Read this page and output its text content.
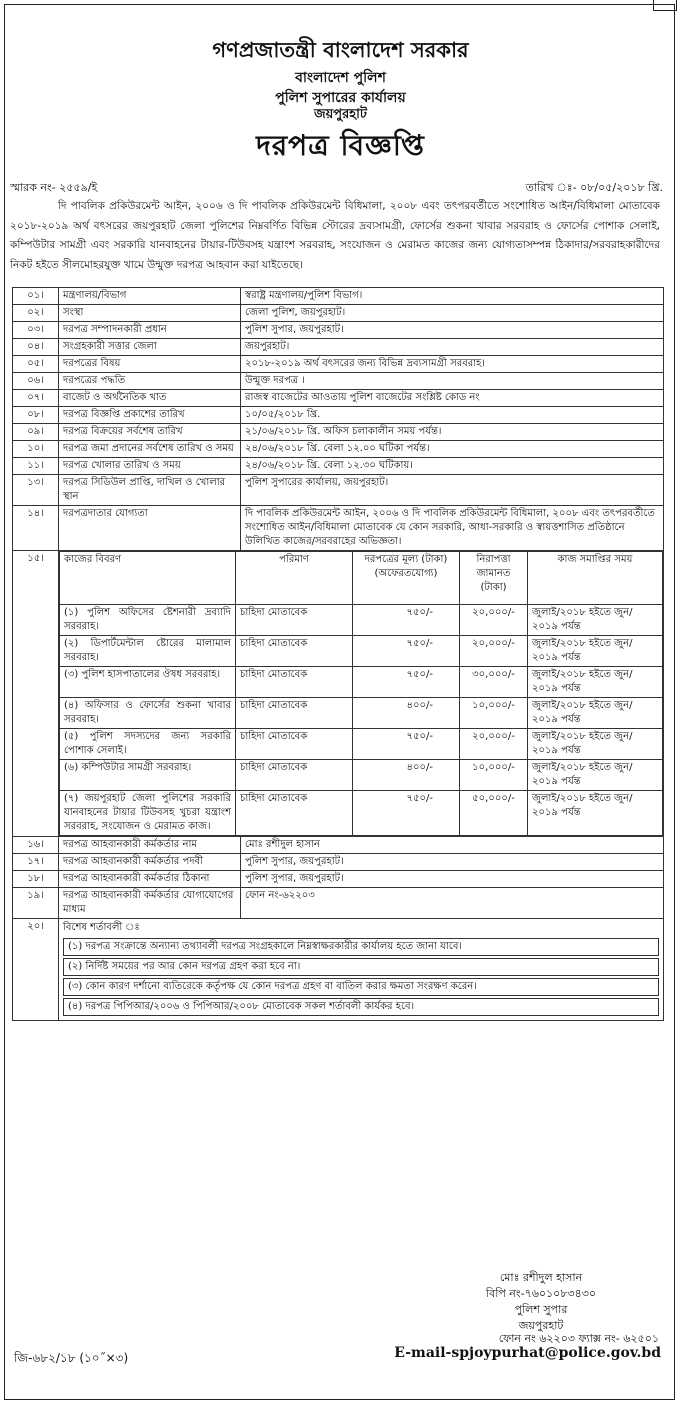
গণপ্রজাতন্ত্রী বাংলাদেশ সরকার
বাংলাদেশ পুলিশ
পুলিশ সুপারের কার্যালয়
জয়পুরহাট
দরপত্র বিজ্ঞপ্তি
স্মারক নং- ২৫৫৯/ই	তারিখ ঃ- ০৮/০৫/২০১৮ খ্রি.
দি পাবলিক প্রকিউরমেন্ট আইন, ২০০৬ ও দি পাবলিক প্রকিউরমেন্ট বিধিমালা, ২০০৮ এবং তৎপরবর্তীতে সংশোধিত আইন/বিধিমালা মোতাবেক ২০১৮-২০১৯ অর্থ বৎসরের জয়পুরহাট জেলা পুলিশের নিম্নবর্ণিত বিভিন্ন স্টোরের দ্রব্যসামগ্রী, ফোর্সের শুকনা খাবার সরবরাহ ও ফোর্সের পোশাক সেলাই, কম্পিউটার সামগ্রী এবং সরকারি যানবাহনের টায়ার-টিউবসহ যন্ত্রাংশ সরবরাহ, সংযোজন ও মেরামত কাজের জন্য যোগ্যতাসম্পন্ন ঠিকাদার/সরবরাহকারীদের নিকট হইতে সীলমোহরযুক্ত খামে উন্মুক্ত দরপত্র আহবান করা যাইতেছে।
০১।	মন্ত্রণালয়/বিভাগ	স্বরাষ্ট্র মন্ত্রণালয়/পুলিশ বিভাগ।
০২।	সংস্থা	জেলা পুলিশ, জয়পুরহাট।
০৩।	দরপত্র সম্পাদনকারী প্রধান	পুলিশ সুপার, জয়পুরহাট।
০৪।	সংগ্রহকারী সত্তার জেলা	জয়পুরহাট।
০৫।	দরপত্রের বিষয়	২০১৮-২০১৯ অর্থ বৎসরের জন্য বিভিন্ন দ্রব্যসামগ্রী সরবরাহ।
০৬।	দরপত্রের পদ্ধতি	উন্মুক্ত দরপত্র ।
০৭।	বাজেট ও অর্থনৈতিক খাত	রাজস্ব বাজেটের আওতায় পুলিশ বাজেটের সংশ্লিষ্ট কোড নং
০৮।	দরপত্র বিজ্ঞপ্তি প্রকাশের তারিখ	১০/০৫/২০১৮ খ্রি.
০৯।	দরপত্র বিক্রয়ের সর্বশেষ তারিখ	২১/০৬/২০১৮ খ্রি. অফিস চলাকালীন সময় পর্যন্ত।
১০।	দরপত্র জমা প্রদানের সর্বশেষ তারিখ ও সময়	২৪/০৬/২০১৮ খ্রি. বেলা ১২.০০ ঘটিকা পর্যন্ত।
১১।	দরপত্র খোলার তারিখ ও সময়	২৪/০৬/২০১৮ খ্রি. বেলা ১২.৩০ ঘটিকায়।
১৩।	দরপত্র সিডিউল প্রাপ্তি, দাখিল ও খোলার স্থান	পুলিশ সুপারের কার্যালয়, জয়পুরহাট।
১৪।	দরপত্রদাতার যোগ্যতা	দি পাবলিক প্রকিউরমেন্ট আইন, ২০০৬ ও দি পাবলিক প্রকিউরমেন্ট বিধিমালা, ২০০৮ এবং তৎপরবর্তীতে সংশোধিত আইন/বিধিমালা মোতাবেক যে কোন সরকারি, আধা-সরকারি ও স্বায়ত্তশাসিত প্রতিষ্ঠানে উলিখিত কাজের/সরবরাহের অভিজ্ঞতা।
১৫।	কাজের বিবরণ	পরিমাণ	দরপত্রের মূল্য (টাকা) (অফেরতযোগ্য)	নিরাপত্তা জামানত (টাকা)	কাজ সমাপ্তির সময়
(১) পুলিশ অফিসের ষ্টেশনারী দ্রব্যাদি সরবরাহ।	চাহিদা মোতাবেক	৭৫০/-	২০,০০০/-	জুলাই/২০১৮ হইতে জুন/২০১৯ পর্যন্ত
(২) ডিপার্টমেন্টাল ষ্টোরের মালামাল সরবরাহ।	চাহিদা মোতাবেক	৭৫০/-	২০,০০০/-	জুলাই/২০১৮ হইতে জুন/২০১৯ পর্যন্ত
(৩) পুলিশ হাসপাতালের ঔষধ সরবরাহ।	চাহিদা মোতাবেক	৭৫০/-	৩০,০০০/-	জুলাই/২০১৮ হইতে জুন/২০১৯ পর্যন্ত
(৪) অফিসার ও ফোর্সের শুকনা খাবার সরবরাহ।	চাহিদা মোতাবেক	৪০০/-	১০,০০০/-	জুলাই/২০১৮ হইতে জুন/২০১৯ পর্যন্ত
(৫) পুলিশ সদস্যদের জন্য সরকারি পোশাক সেলাই।	চাহিদা মোতাবেক	৭৫০/-	২০,০০০/-	জুলাই/২০১৮ হইতে জুন/২০১৯ পর্যন্ত
(৬) কম্পিউটার সামগ্রী সরবরাহ।	চাহিদা মোতাবেক	৪০০/-	১০,০০০/-	জুলাই/২০১৮ হইতে জুন/২০১৯ পর্যন্ত
(৭) জয়পুরহাট জেলা পুলিশের সরকারি যানবাহনের টায়ার টিউবসহ খুচরা যন্ত্রাংশ সরবরাহ, সংযোজন ও মেরামত কাজ।	চাহিদা মোতাবেক	৭৫০/-	৫০,০০০/-	জুলাই/২০১৮ হইতে জুন/২০১৯ পর্যন্ত

১৬।	দরপত্র আহবানকারী কর্মকর্তার নাম	মোঃ রশীদুল হাসান
১৭।	দরপত্র আহবানকারী কর্মকর্তার পদবী	পুলিশ সুপার, জয়পুরহাট।
১৮।	দরপত্র আহবানকারী কর্মকর্তার ঠিকানা	পুলিশ সুপার, জয়পুরহাট।
১৯।	দরপত্র আহবানকারী কর্মকর্তার যোগাযোগের মাধ্যম	ফোন নং-৬২২০৩
২০।	বিশেষ শর্তাবলী ঃ
(১) দরপত্র সংক্রান্তে অন্যান্য তথ্যাবলী দরপত্র সংগ্রহকালে নিম্নস্বাক্ষরকারীর কার্যালয় হতে জানা যাবে।
(২) নির্দিষ্ট সময়ের পর আর কোন দরপত্র গ্রহণ করা হবে না।
(৩) কোন কারণ দর্শানো ব্যতিরেকে কর্তৃপক্ষ যে কোন দরপত্র গ্রহণ বা বাতিল করার ক্ষমতা সংরক্ষণ করেন।
(৪) দরপত্র পিপিআর/২০০৬ ও পিপিআর/২০০৮ মোতাবেক সকল শর্তাবলী কার্যকর হবে।
মোঃ রশীদুল হাসান
বিপি নং-৭৬০১০৮৩৪৩০
পুলিশ সুপার
জয়পুরহাট
ফোন নং ৬২২০৩ ফ্যাক্স নং- ৬২৫০১
জি-৬৮২/১৮ (১০˝×৩)	E-mail-spjoypurhat@police.gov.bd
